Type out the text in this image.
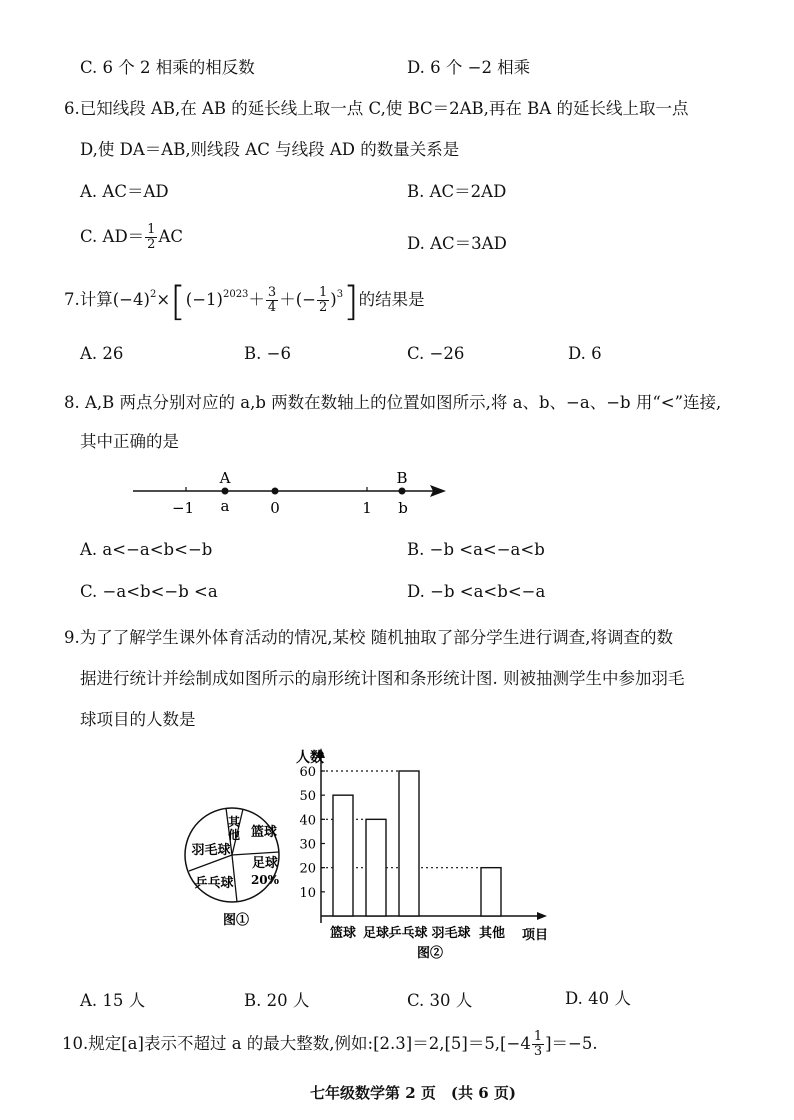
C. 6 个 2 相乘的相反数	D. 6 个 −2 相乘
6.已知线段 AB,在 AB 的延长线上取一点 C,使 BC＝2AB,再在 BA 的延长线上取一点
D,使 DA＝AB,则线段 AC 与线段 AD 的数量关系是
A. AC＝AD	B. AC＝2AD
C. $AD= \frac{1}{2}$ AC	D. AC＝3AD
7.计算$(-4)^2\times[(-1)^{2023}+ \frac{3}{4}$ ＋(− $\frac{1}{2} )^3$]的结果是
A. 26	B. −6	C. −26	D. 6
8. A,B 两点分别对应的 a,b 两数在数轴上的位置如图所示,将 a、b、−a、−b 用“<”连接,
其中正确的是
A	B
−1 a	0	1 b
A. a<−a<b<−b	B. −b <a<−a<b
C. −a<b<−b <a	D. −b <a<b<−a
9.为了了解学生课外体育活动的情况,某校 随机抽取了部分学生进行调查,将调查的数
据进行统计并绘制成如图所示的扇形统计图和条形统计图. 则被抽测学生中参加羽毛
球项目的人数是
其他 篮球
足球
20%
乒乓球
羽毛球
图①
人数
项目
图②
10
20
30
40
50
60
篮球 足球 乒乓球 羽毛球 其他
A. 15 人	B. 20 人	C. 30 人	D. 40 人
10.规定[a]表示不超过 a 的最大整数,例如:[2.3]＝2,[5]＝5,[−4 $\frac{1}{3} ]=-5$.
七年级数学第 2 页　(共 6 页)
